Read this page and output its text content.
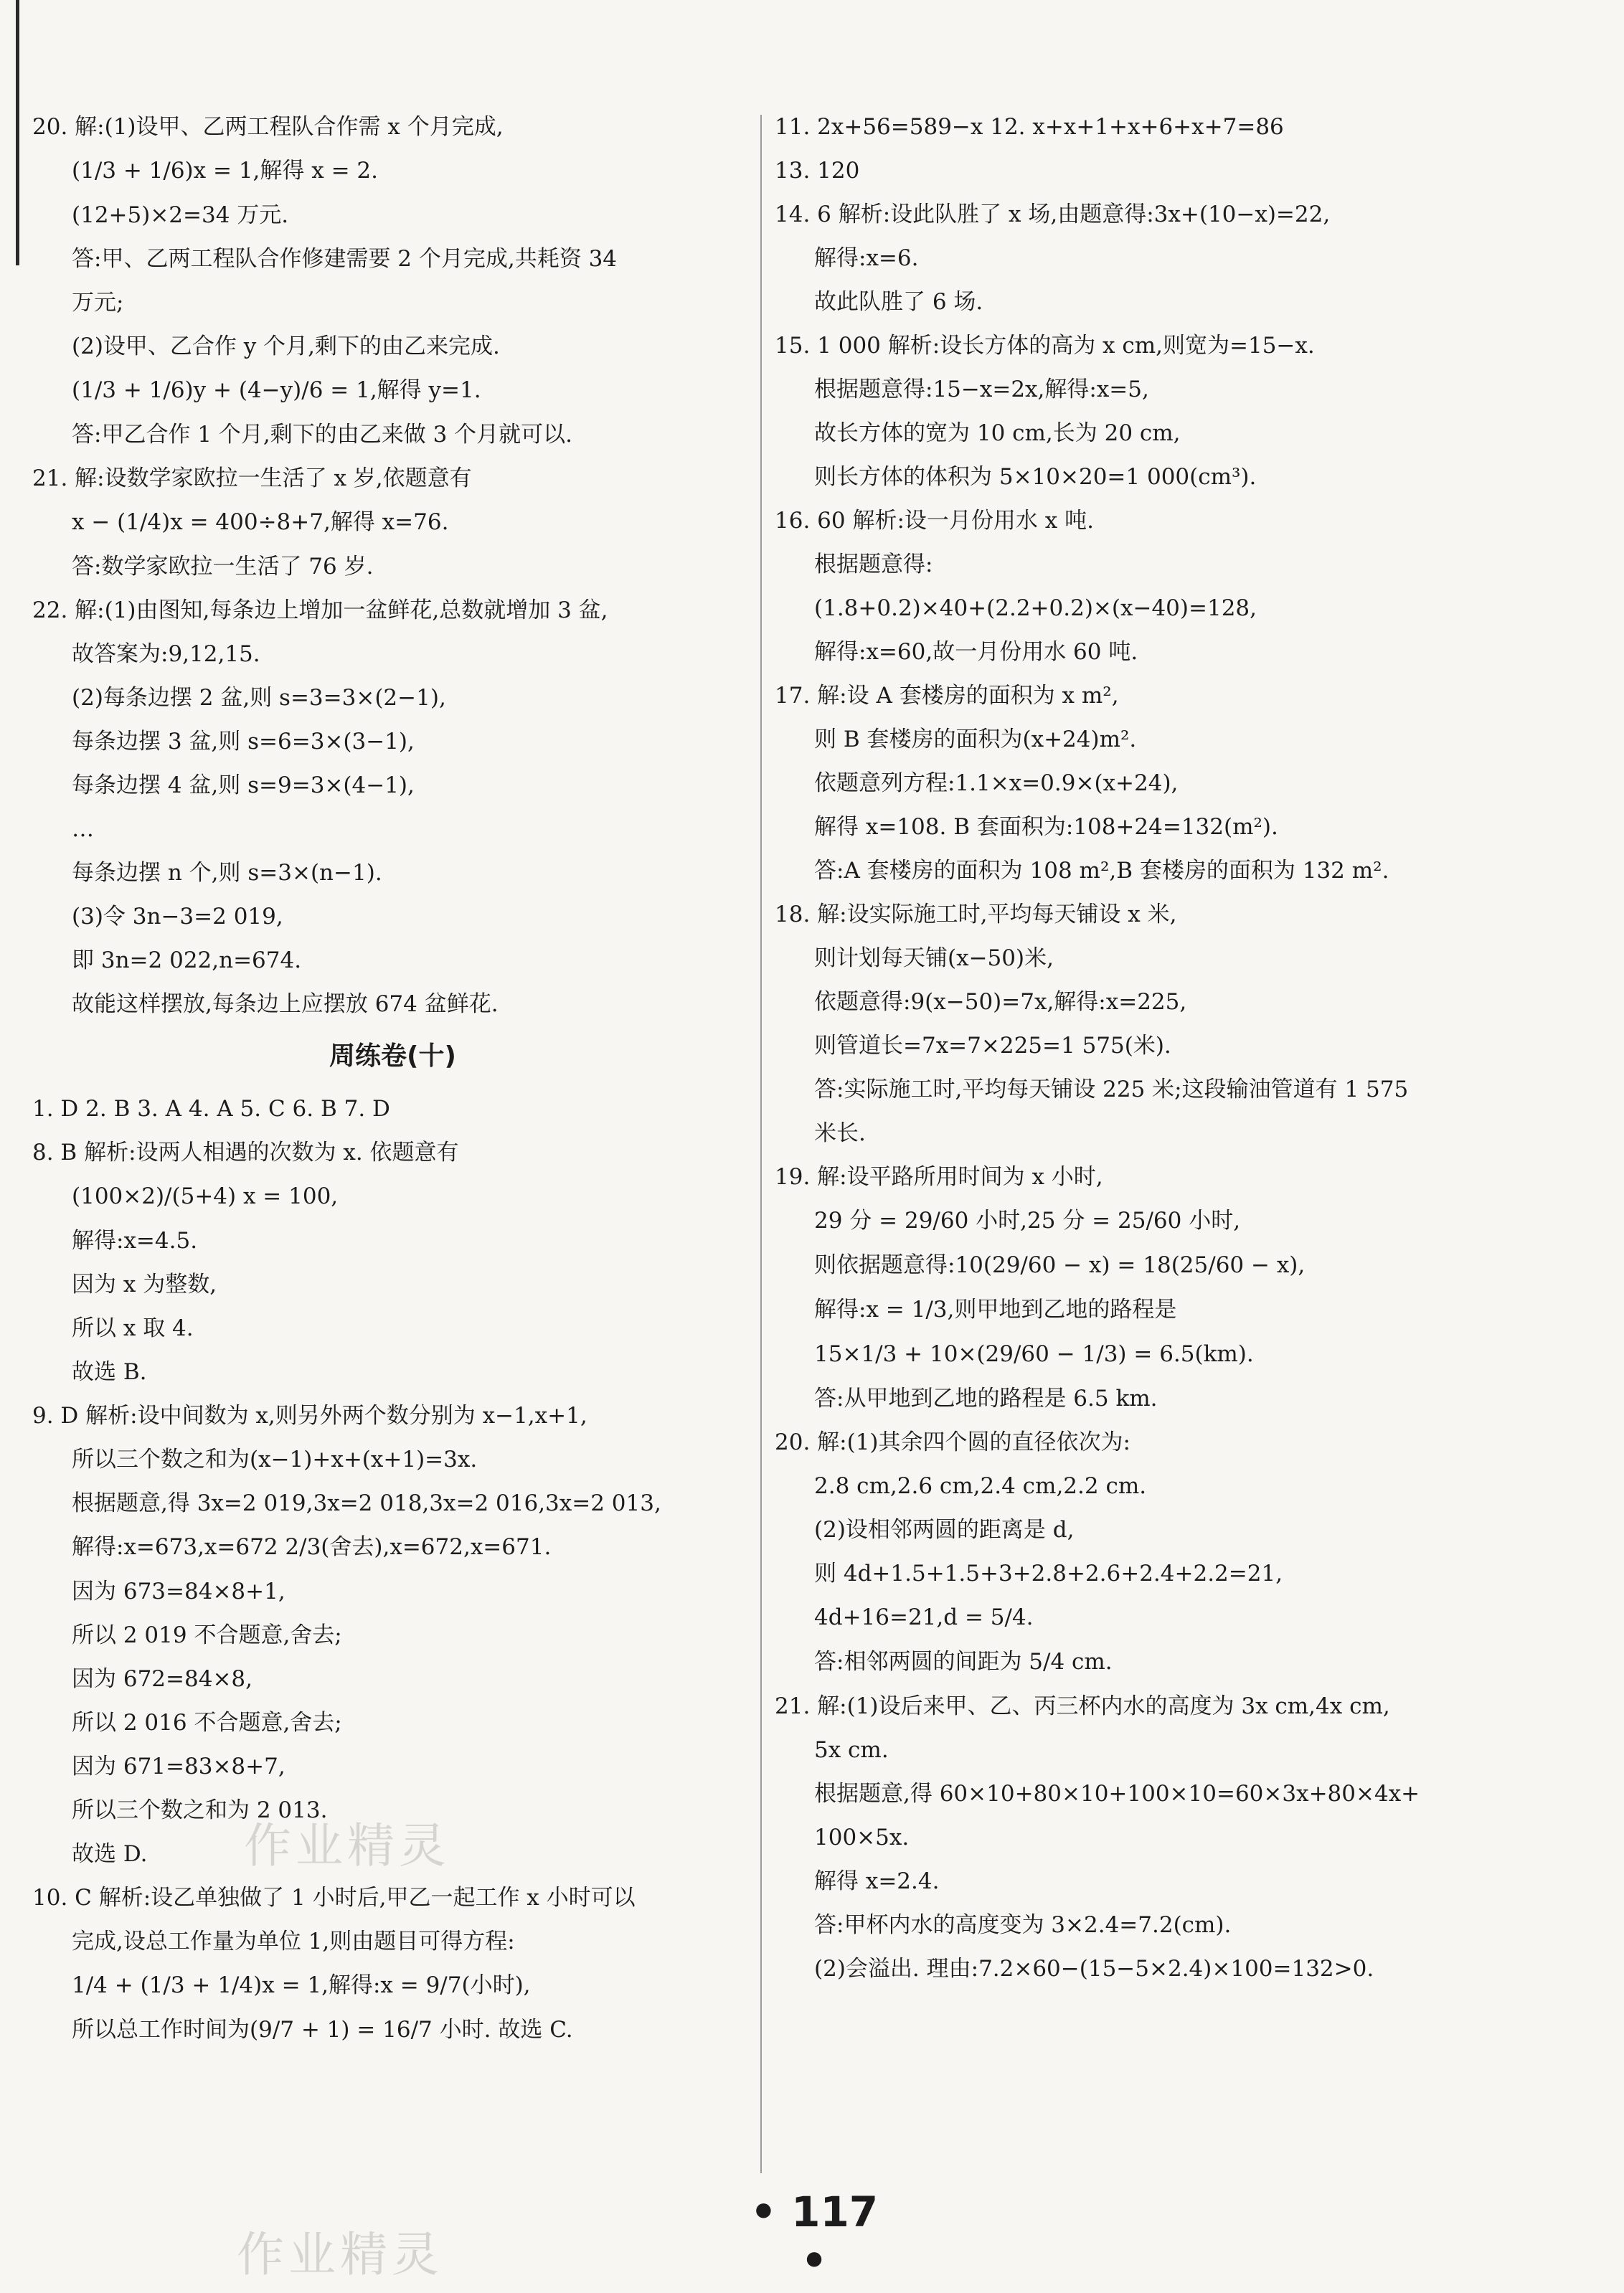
20. 解:(1)设甲、乙两工程队合作需 x 个月完成,
(1/3 + 1/6)x = 1,解得 x = 2.
(12+5)×2=34 万元.
答:甲、乙两工程队合作修建需要 2 个月完成,共耗资 34
万元;
(2)设甲、乙合作 y 个月,剩下的由乙来完成.
(1/3 + 1/6)y + (4−y)/6 = 1,解得 y=1.
答:甲乙合作 1 个月,剩下的由乙来做 3 个月就可以.
21. 解:设数学家欧拉一生活了 x 岁,依题意有
x − (1/4)x = 400÷8+7,解得 x=76.
答:数学家欧拉一生活了 76 岁.
22. 解:(1)由图知,每条边上增加一盆鲜花,总数就增加 3 盆,
故答案为:9,12,15.
(2)每条边摆 2 盆,则 s=3=3×(2−1),
每条边摆 3 盆,则 s=6=3×(3−1),
每条边摆 4 盆,则 s=9=3×(4−1),
…
每条边摆 n 个,则 s=3×(n−1).
(3)令 3n−3=2 019,
即 3n=2 022,n=674.
故能这样摆放,每条边上应摆放 674 盆鲜花.
周练卷(十)
1. D 2. B 3. A 4. A 5. C 6. B 7. D
8. B 解析:设两人相遇的次数为 x. 依题意有
(100×2)/(5+4) x = 100,
解得:x=4.5.
因为 x 为整数,
所以 x 取 4.
故选 B.
9. D 解析:设中间数为 x,则另外两个数分别为 x−1,x+1,
所以三个数之和为(x−1)+x+(x+1)=3x.
根据题意,得 3x=2 019,3x=2 018,3x=2 016,3x=2 013,
解得:x=673,x=672 2/3(舍去),x=672,x=671.
因为 673=84×8+1,
所以 2 019 不合题意,舍去;
因为 672=84×8,
所以 2 016 不合题意,舍去;
因为 671=83×8+7,
所以三个数之和为 2 013.
故选 D.
10. C 解析:设乙单独做了 1 小时后,甲乙一起工作 x 小时可以
完成,设总工作量为单位 1,则由题目可得方程:
1/4 + (1/3 + 1/4)x = 1,解得:x = 9/7(小时),
所以总工作时间为(9/7 + 1) = 16/7 小时. 故选 C.
11. 2x+56=589−x 12. x+x+1+x+6+x+7=86
13. 120
14. 6 解析:设此队胜了 x 场,由题意得:3x+(10−x)=22,
解得:x=6.
故此队胜了 6 场.
15. 1 000 解析:设长方体的高为 x cm,则宽为=15−x.
根据题意得:15−x=2x,解得:x=5,
故长方体的宽为 10 cm,长为 20 cm,
则长方体的体积为 5×10×20=1 000(cm³).
16. 60 解析:设一月份用水 x 吨.
根据题意得:
(1.8+0.2)×40+(2.2+0.2)×(x−40)=128,
解得:x=60,故一月份用水 60 吨.
17. 解:设 A 套楼房的面积为 x m²,
则 B 套楼房的面积为(x+24)m².
依题意列方程:1.1×x=0.9×(x+24),
解得 x=108. B 套面积为:108+24=132(m²).
答:A 套楼房的面积为 108 m²,B 套楼房的面积为 132 m².
18. 解:设实际施工时,平均每天铺设 x 米,
则计划每天铺(x−50)米,
依题意得:9(x−50)=7x,解得:x=225,
则管道长=7x=7×225=1 575(米).
答:实际施工时,平均每天铺设 225 米;这段输油管道有 1 575
米长.
19. 解:设平路所用时间为 x 小时,
29 分 = 29/60 小时,25 分 = 25/60 小时,
则依据题意得:10(29/60 − x) = 18(25/60 − x),
解得:x = 1/3,则甲地到乙地的路程是
15×1/3 + 10×(29/60 − 1/3) = 6.5(km).
答:从甲地到乙地的路程是 6.5 km.
20. 解:(1)其余四个圆的直径依次为:
2.8 cm,2.6 cm,2.4 cm,2.2 cm.
(2)设相邻两圆的距离是 d,
则 4d+1.5+1.5+3+2.8+2.6+2.4+2.2=21,
4d+16=21,d = 5/4.
答:相邻两圆的间距为 5/4 cm.
21. 解:(1)设后来甲、乙、丙三杯内水的高度为 3x cm,4x cm,
5x cm.
根据题意,得 60×10+80×10+100×10=60×3x+80×4x+
100×5x.
解得 x=2.4.
答:甲杯内水的高度变为 3×2.4=7.2(cm).
(2)会溢出. 理由:7.2×60−(15−5×2.4)×100=132>0.
作业精灵
作业精灵
• 117 •
